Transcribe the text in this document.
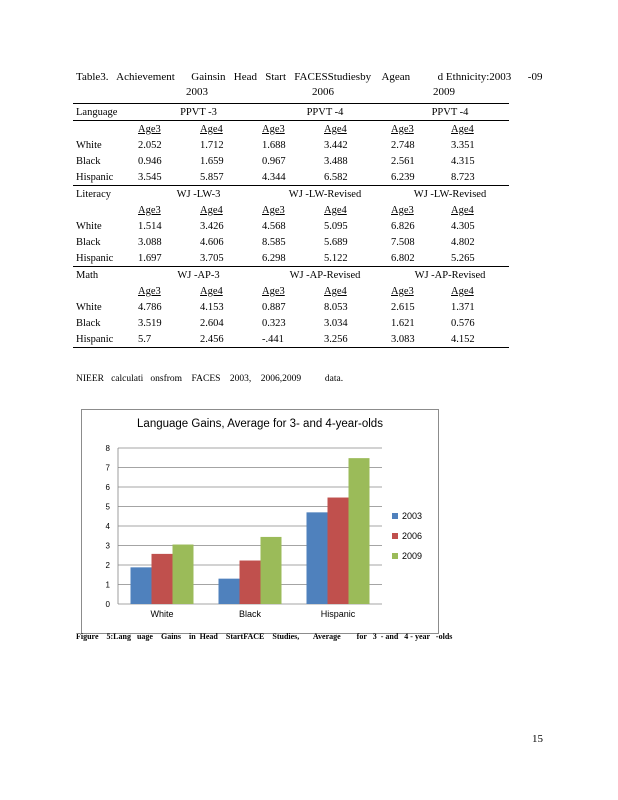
Table3.   Achievement      Gainsin   Head   Start   FACESStudiesby    Agean          d Ethnicity:2003      -09
2003	2006	2009
Language	PPVT -3		PPVT -4		PPVT -4	
	Age3	Age4	Age3	Age4	Age3	Age4
White	2.052	1.712	1.688	3.442	2.748	3.351
Black	0.946	1.659	0.967	3.488	2.561	4.315
Hispanic	3.545	5.857	4.344	6.582	6.239	8.723
Literacy	WJ -LW-3		WJ -LW-Revised		WJ -LW-Revised	
	Age3	Age4	Age3	Age4	Age3	Age4
White	1.514	3.426	4.568	5.095	6.826	4.305
Black	3.088	4.606	8.585	5.689	7.508	4.802
Hispanic	1.697	3.705	6.298	5.122	6.802	5.265
Math	WJ -AP-3		WJ -AP-Revised		WJ -AP-Revised	
	Age3	Age4	Age3	Age4	Age3	Age4
White	4.786	4.153	0.887	8.053	2.615	1.371
Black	3.519	2.604	0.323	3.034	1.621	0.576
Hispanic	5.7	2.456	-.441	3.256	3.083	4.152
NIEER   calculati   onsfrom    FACES    2003,    2006,2009          data.
Language Gains, Average for 3- and 4-year-olds
0
1
2
3
4
5
6
7
8
White	Black	Hispanic
2003
2006
2009
Figure    5:Lang   uage    Gains    in  Head    StartFACE    Studies,       Average        for   3  - and   4 - year   -olds
15
